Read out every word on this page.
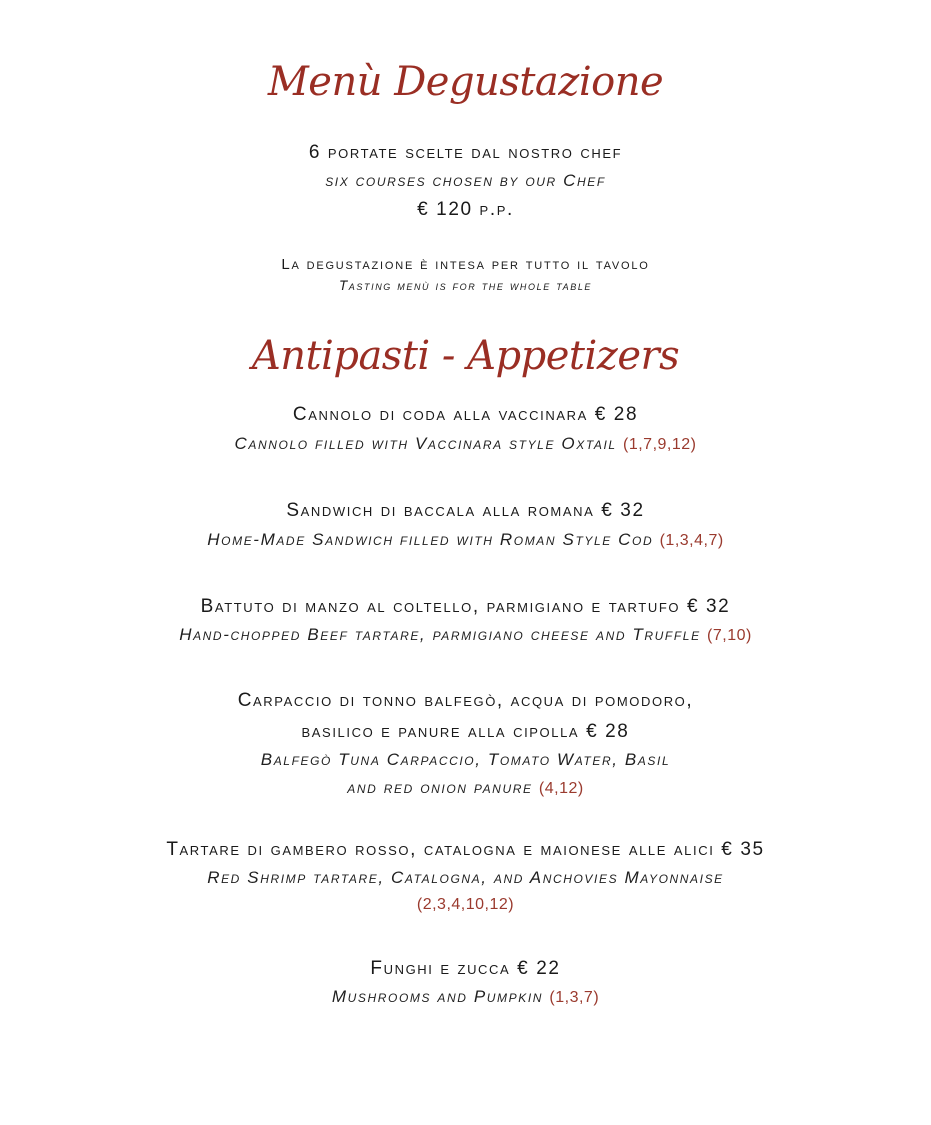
Menù Degustazione
6 portate scelte dal nostro chef
six courses chosen by our Chef
€ 120 p.p.
La degustazione è intesa per tutto il tavolo
Tasting menù is for the whole table
Antipasti - Appetizers
Cannolo di coda alla vaccinara € 28
Cannolo filled with Vaccinara style Oxtail (1,7,9,12)
Sandwich di baccala alla romana € 32
Home-Made Sandwich filled with Roman Style Cod (1,3,4,7)
Battuto di manzo al coltello, parmigiano e tartufo € 32
Hand-chopped Beef tartare, parmigiano cheese and Truffle (7,10)
Carpaccio di tonno balfegò, acqua di pomodoro,
basilico e panure alla cipolla € 28
Balfegò Tuna Carpaccio, Tomato Water, Basil
and red onion panure (4,12)
Tartare di gambero rosso, catalogna e maionese alle alici € 35
Red Shrimp tartare, Catalogna, and Anchovies Mayonnaise
(2,3,4,10,12)
Funghi e zucca € 22
Mushrooms and Pumpkin (1,3,7)
